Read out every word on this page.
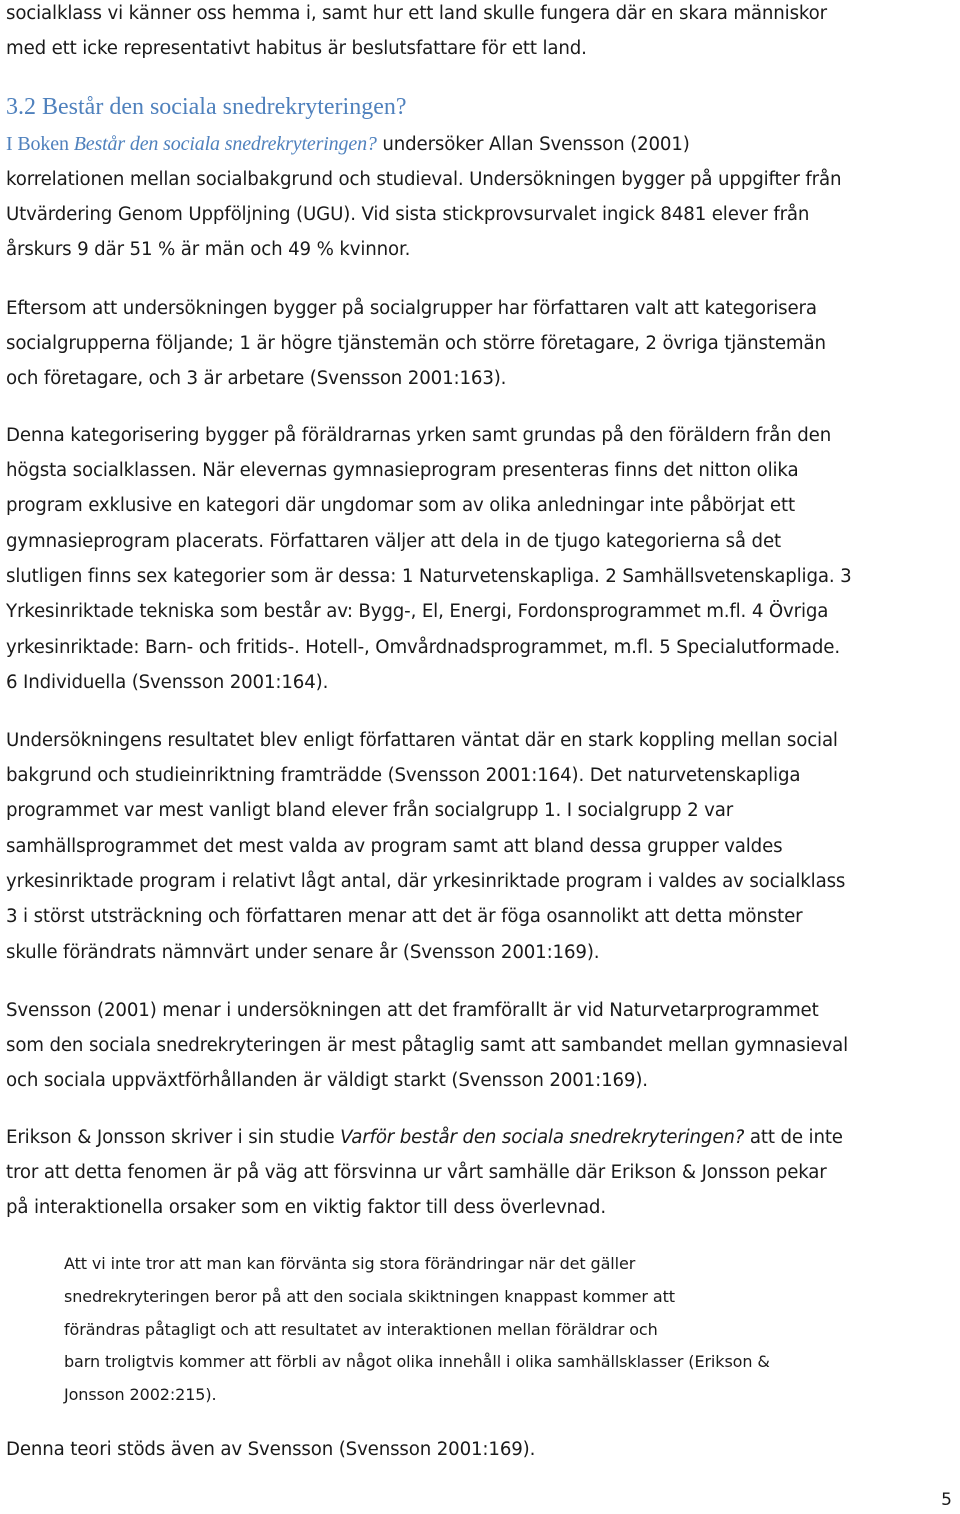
socialklass vi känner oss hemma i, samt hur ett land skulle fungera där en skara människor
med ett icke representativt habitus är beslutsfattare för ett land.
3.2 Består den sociala snedrekryteringen?
I Boken Består den sociala snedrekryteringen? undersöker Allan Svensson (2001)
korrelationen mellan socialbakgrund och studieval. Undersökningen bygger på uppgifter från
Utvärdering Genom Uppföljning (UGU). Vid sista stickprovsurvalet ingick 8481 elever från
årskurs 9 där 51 % är män och 49 % kvinnor.
Eftersom att undersökningen bygger på socialgrupper har författaren valt att kategorisera
socialgrupperna följande; 1 är högre tjänstemän och större företagare, 2 övriga tjänstemän
och företagare, och 3 är arbetare (Svensson 2001:163).
Denna kategorisering bygger på föräldrarnas yrken samt grundas på den föräldern från den
högsta socialklassen. När elevernas gymnasieprogram presenteras finns det nitton olika
program exklusive en kategori där ungdomar som av olika anledningar inte påbörjat ett
gymnasieprogram placerats. Författaren väljer att dela in de tjugo kategorierna så det
slutligen finns sex kategorier som är dessa: 1 Naturvetenskapliga. 2 Samhällsvetenskapliga. 3
Yrkesinriktade tekniska som består av: Bygg-, El, Energi, Fordonsprogrammet m.fl. 4 Övriga
yrkesinriktade: Barn- och fritids-. Hotell-, Omvårdnadsprogrammet, m.fl. 5 Specialutformade.
6 Individuella (Svensson 2001:164).
Undersökningens resultatet blev enligt författaren väntat där en stark koppling mellan social
bakgrund och studieinriktning framträdde (Svensson 2001:164). Det naturvetenskapliga
programmet var mest vanligt bland elever från socialgrupp 1. I socialgrupp 2 var
samhällsprogrammet det mest valda av program samt att bland dessa grupper valdes
yrkesinriktade program i relativt lågt antal, där yrkesinriktade program i valdes av socialklass
3 i störst utsträckning och författaren menar att det är föga osannolikt att detta mönster
skulle förändrats nämnvärt under senare år (Svensson 2001:169).
Svensson (2001) menar i undersökningen att det framförallt är vid Naturvetarprogrammet
som den sociala snedrekryteringen är mest påtaglig samt att sambandet mellan gymnasieval
och sociala uppväxtförhållanden är väldigt starkt (Svensson 2001:169).
Erikson & Jonsson skriver i sin studie Varför består den sociala snedrekryteringen? att de inte
tror att detta fenomen är på väg att försvinna ur vårt samhälle där Erikson & Jonsson pekar
på interaktionella orsaker som en viktig faktor till dess överlevnad.
Att vi inte tror att man kan förvänta sig stora förändringar när det gäller
snedrekryteringen beror på att den sociala skiktningen knappast kommer att
förändras påtagligt och att resultatet av interaktionen mellan föräldrar och
barn troligtvis kommer att förbli av något olika innehåll i olika samhällsklasser (Erikson &
Jonsson 2002:215).
Denna teori stöds även av Svensson (Svensson 2001:169).
5
